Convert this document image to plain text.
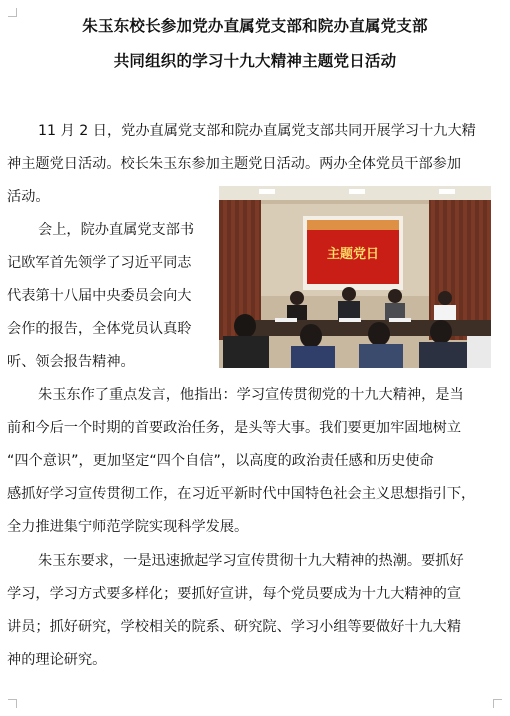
朱玉东校长参加党办直属党支部和院办直属党支部
共同组织的学习十九大精神主题党日活动
11 月 2 日，党办直属党支部和院办直属党支部共同开展学习十九大精
神主题党日活动。校长朱玉东参加主题党日活动。两办全体党员干部参加
活动。
会上，院办直属党支部书
记欧军首先领学了习近平同志
代表第十八届中央委员会向大
会作的报告，全体党员认真聆
听、领会报告精神。
主题党日
朱玉东作了重点发言，他指出：学习宣传贯彻党的十九大精神，是当
前和今后一个时期的首要政治任务，是头等大事。我们要更加牢固地树立
“四个意识”，更加坚定“四个自信”，以高度的政治责任感和历史使命
感抓好学习宣传贯彻工作，在习近平新时代中国特色社会主义思想指引下，
全力推进集宁师范学院实现科学发展。
朱玉东要求，一是迅速掀起学习宣传贯彻十九大精神的热潮。要抓好
学习，学习方式要多样化；要抓好宣讲，每个党员要成为十九大精神的宣
讲员；抓好研究，学校相关的院系、研究院、学习小组等要做好十九大精
神的理论研究。
